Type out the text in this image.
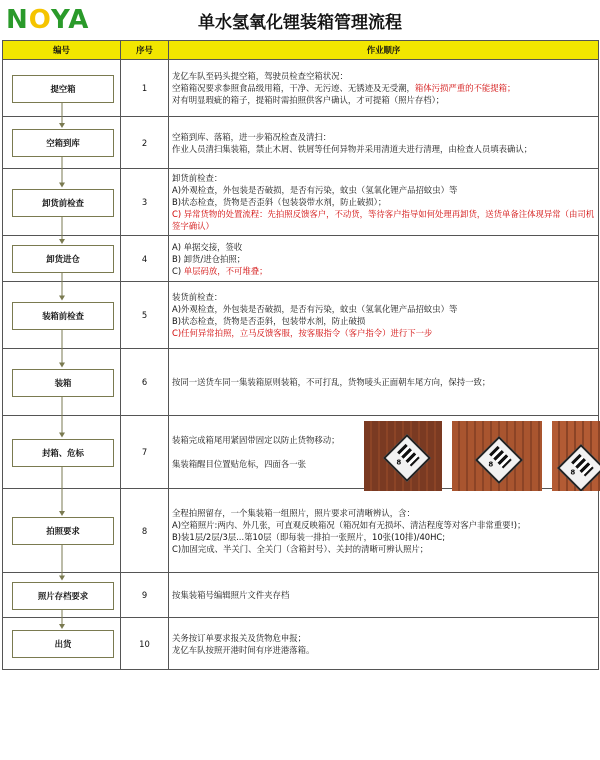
NOYA	单水氢氧化锂装箱管理流程
编号	序号	作业顺序

提空箱	1	龙亿车队至码头提空箱，驾驶员检查空箱状况：
空箱箱况要求参照食品级用箱，干净、无污迹、无锈迹及无受潮，箱体污损严重的不能提箱；
对有明显瑕疵的箱子，提箱时需拍照供客户确认，才可提箱（照片存档）；

空箱到库	2	空箱到库、落箱，进一步箱况检查及清扫：
作业人员清扫集装箱，禁止木屑、铁屑等任何异物并采用清道夫进行清理，由检查人员填表确认；

卸货前检查	3	卸货前检查：
A)外观检查，外包装是否破损，是否有污染，蚊虫（氢氧化锂产品招蚊虫）等
B)状态检查，货物是否歪斜（包装袋带水剂，防止破损）；
C) 异常货物的处置流程：先拍照反馈客户，不动货，等待客户指导如何处理再卸货，送货单备注体现异常（由司机签字确认）

卸货进仓	4	A) 单据交接，签收
B) 卸货/进仓拍照；
C) 单层码放，不可堆叠；

装箱前检查	5	装货前检查：
A)外观检查，外包装是否破损，是否有污染，蚊虫（氢氧化锂产品招蚊虫）等
B)状态检查，货物是否歪斜，包装带水剂，防止破损
C)任何异常拍照，立马反馈客服，按客服指令（客户指令）进行下一步

装箱	6	按同一送货车同一集装箱原则装箱，不可打乱，货物唛头正面朝车尾方向，保持一致；

封箱、危标	7	装箱完成箱尾用紧固带固定以防止货物移动；

集装箱醒目位置贴危标，四面各一张 8 8
8

拍照要求	8	全程拍照留存，一个集装箱一组照片，照片要求可清晰辨认，含：
A)空箱照片:两内、外几张，可直观反映箱况（箱况如有无损坏、清洁程度等对客户非常重要!)；
B)装1层/2层/3层...第10层（即每装一排拍一张照片，10张(10排)/40HC;
C)加固完成、半关门、全关门（含箱封号）、关封的清晰可辨认照片；

照片存档要求	9	按集装箱号编辑照片文件夹存档

出货	10	关务按订单要求报关及货物危申报；
龙亿车队按照开港时间有序进港落箱。
